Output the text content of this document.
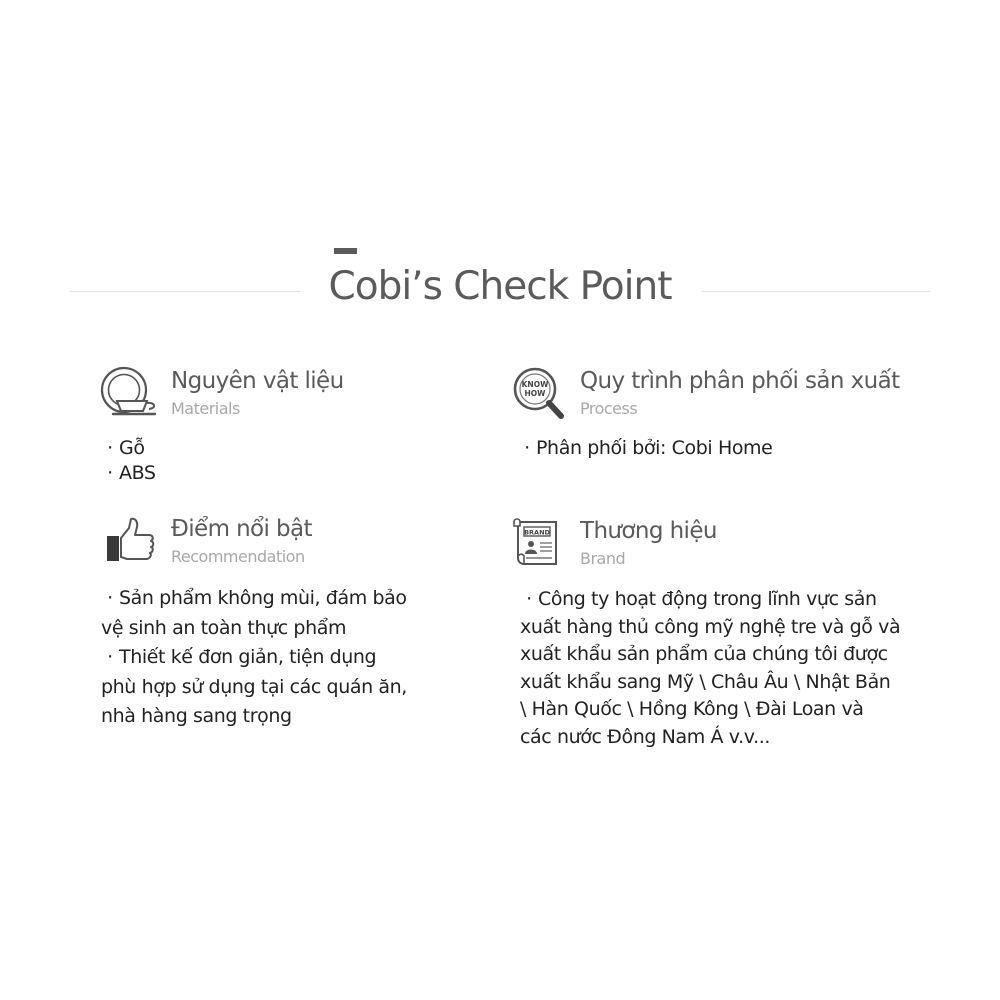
Cobi’s Check Point
Nguyên vật liệu
Materials
· Gỗ
· ABS
KNOW
HOW Quy trình phân phối sản xuất
Process
· Phân phối bởi: Cobi Home
Điểm nổi bật
Recommendation
· Sản phẩm không mùi, đám bảo
vệ sinh an toàn thực phẩm
· Thiết kế đơn giản, tiện dụng
phù hợp sử dụng tại các quán ăn,
nhà hàng sang trọng
BRAND Thương hiệu
Brand
· Công ty hoạt động trong lĩnh vực sản
xuất hàng thủ công mỹ nghệ tre và gỗ và
xuất khẩu sản phẩm của chúng tôi được
xuất khẩu sang Mỹ \ Châu Âu \ Nhật Bản
\ Hàn Quốc \ Hồng Kông \ Đài Loan và
các nước Đông Nam Á v.v...
